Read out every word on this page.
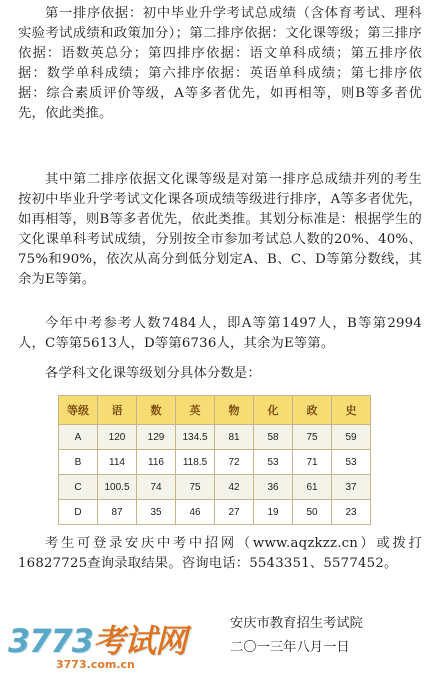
第一排序依据：初中毕业升学考试总成绩（含体育考试、理科实验考试成绩和政策加分）；第二排序依据：文化课等级；第三排序依据：语数英总分；第四排序依据：语文单科成绩；第五排序依据：数学单科成绩；第六排序依据：英语单科成绩；第七排序依据：综合素质评价等级，A等多者优先，如再相等，则B等多者优先，依此类推。

其中第二排序依据文化课等级是对第一排序总成绩并列的考生按初中毕业升学考试文化课各项成绩等级进行排序，A等多者优先，如再相等，则B等多者优先，依此类推。其划分标准是：根据学生的文化课单科考试成绩，分别按全市参加考试总人数的20%、40%、75%和90%，依次从高分到低分划定A、B、C、D等第分数线，其余为E等第。

今年中考参考人数7484人，即A等第1497人，B等第2994人，C等第5613人，D等第6736人，其余为E等第。

各学科文化课等级划分具体分数是：

等级	语	数	英	物	化	政	史
A	120	129	134.5	81	58	75	59
B	114	116	118.5	72	53	71	53
C	100.5	74	75	42	36	61	37
D	87	35	46	27	19	50	23

考生可登录安庆中考中招网（www.aqzkzz.cn）或拨打16827725查询录取结果。咨询电话：5543351、5577452。

3773考试网
3773.com.cn
安庆市教育招生考试院
二〇一三年八月一日
